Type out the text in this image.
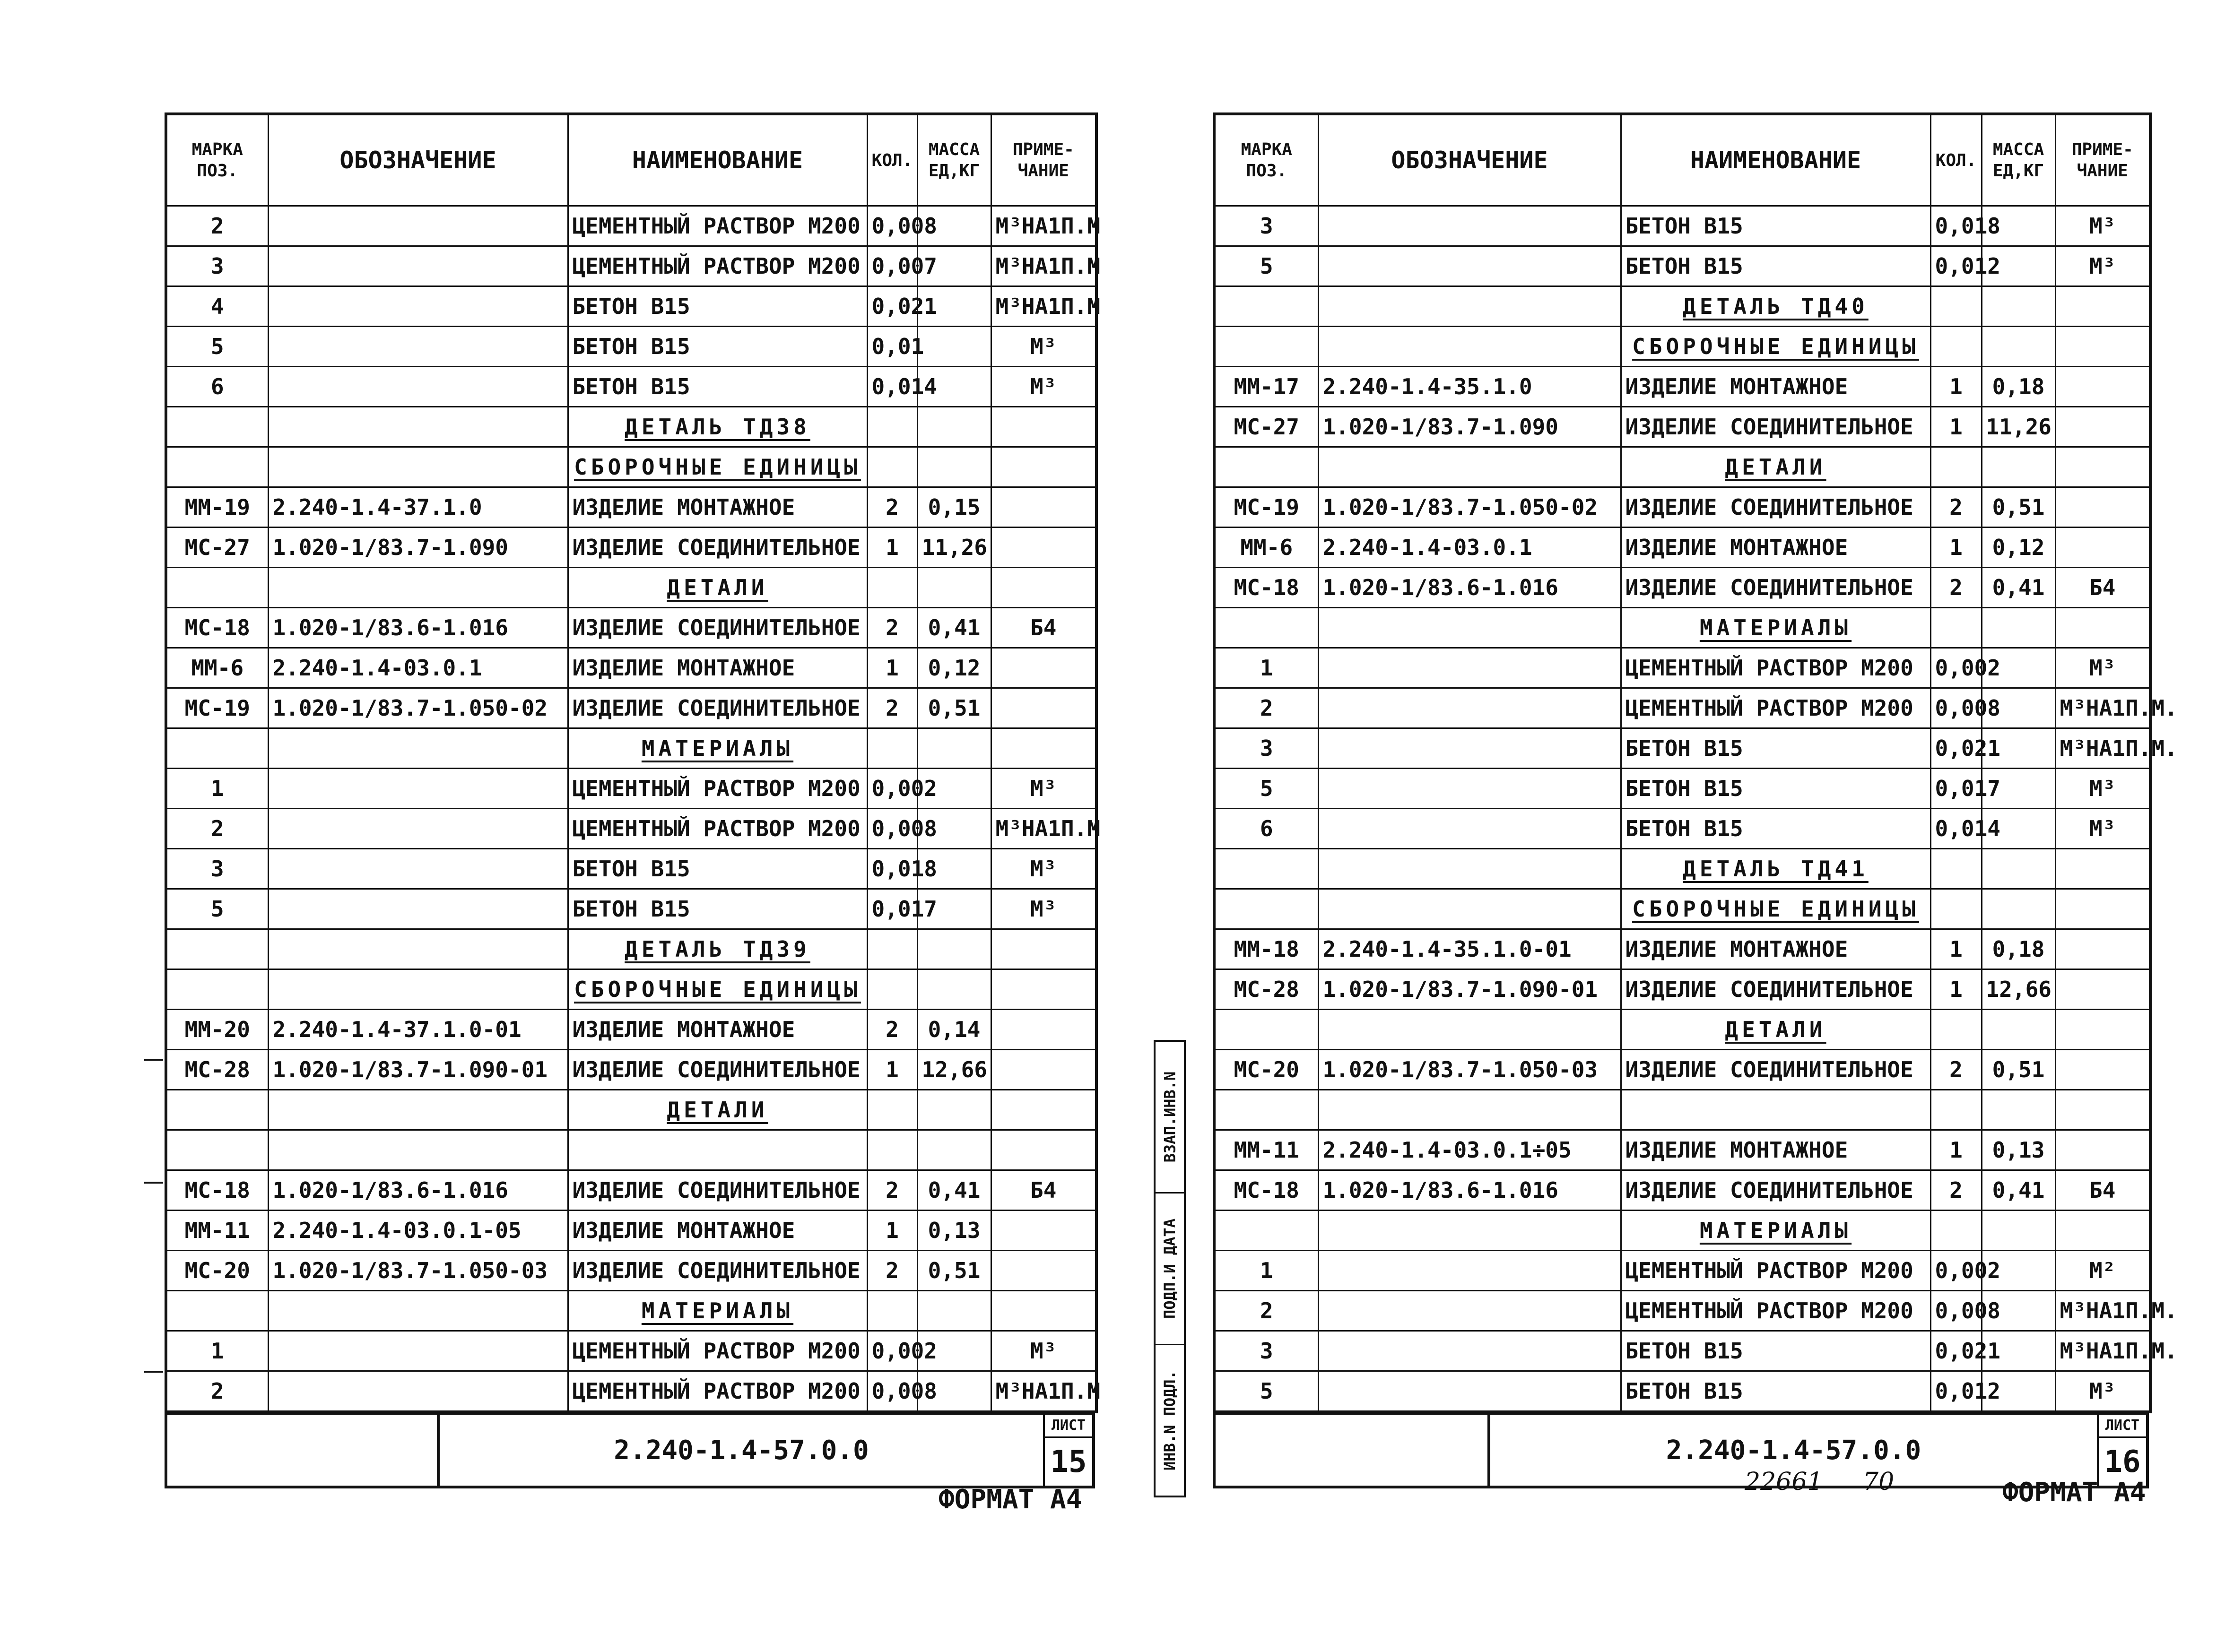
МАРКА ПОЗ.	ОБОЗНАЧЕНИЕ	НАИМЕНОВАНИЕ	КОЛ.	МАССА ЕД,КГ	ПРИМЕ-ЧАНИЕ
2		ЦЕМЕНТНЫЙ РАСТВОР М200	0,008		М³НА1П.М
3		ЦЕМЕНТНЫЙ РАСТВОР М200	0,007		М³НА1П.М
4		БЕТОН В15	0,021		М³НА1П.М
5		БЕТОН В15	0,01		М³
6		БЕТОН В15	0,014		М³
		ДЕТАЛЬ ТД38			
		СБОРОЧНЫЕ ЕДИНИЦЫ			
ММ-19	2.240-1.4-37.1.0	ИЗДЕЛИЕ МОНТАЖНОЕ	2	0,15	
МС-27	1.020-1/83.7-1.090	ИЗДЕЛИЕ СОЕДИНИТЕЛЬНОЕ	1	11,26	
		ДЕТАЛИ			
МС-18	1.020-1/83.6-1.016	ИЗДЕЛИЕ СОЕДИНИТЕЛЬНОЕ	2	0,41	Б4
ММ-6	2.240-1.4-03.0.1	ИЗДЕЛИЕ МОНТАЖНОЕ	1	0,12	
МС-19	1.020-1/83.7-1.050-02	ИЗДЕЛИЕ СОЕДИНИТЕЛЬНОЕ	2	0,51	
		МАТЕРИАЛЫ			
1		ЦЕМЕНТНЫЙ РАСТВОР М200	0,002		М³
2		ЦЕМЕНТНЫЙ РАСТВОР М200	0,008		М³НА1П.М
3		БЕТОН В15	0,018		М³
5		БЕТОН В15	0,017		М³
		ДЕТАЛЬ ТД39			
		СБОРОЧНЫЕ ЕДИНИЦЫ			
ММ-20	2.240-1.4-37.1.0-01	ИЗДЕЛИЕ МОНТАЖНОЕ	2	0,14	
МС-28	1.020-1/83.7-1.090-01	ИЗДЕЛИЕ СОЕДИНИТЕЛЬНОЕ	1	12,66	
		ДЕТАЛИ			

МС-18	1.020-1/83.6-1.016	ИЗДЕЛИЕ СОЕДИНИТЕЛЬНОЕ	2	0,41	Б4
ММ-11	2.240-1.4-03.0.1-05	ИЗДЕЛИЕ МОНТАЖНОЕ	1	0,13	
МС-20	1.020-1/83.7-1.050-03	ИЗДЕЛИЕ СОЕДИНИТЕЛЬНОЕ	2	0,51	
		МАТЕРИАЛЫ			
1		ЦЕМЕНТНЫЙ РАСТВОР М200	0,002		М³
2		ЦЕМЕНТНЫЙ РАСТВОР М200	0,008		М³НА1П.М
2.240-1.4-57.0.0
ЛИСТ
15
ФОРМАТ А4
ВЗАП.ИНВ.N
ПОДП.И ДАТА
ИНВ.N ПОДЛ.
МАРКА ПОЗ.	ОБОЗНАЧЕНИЕ	НАИМЕНОВАНИЕ	КОЛ.	МАССА ЕД,КГ	ПРИМЕ-ЧАНИЕ
3		БЕТОН В15	0,018		М³
5		БЕТОН В15	0,012		М³
		ДЕТАЛЬ ТД40			
		СБОРОЧНЫЕ ЕДИНИЦЫ			
ММ-17	2.240-1.4-35.1.0	ИЗДЕЛИЕ МОНТАЖНОЕ	1	0,18	
МС-27	1.020-1/83.7-1.090	ИЗДЕЛИЕ СОЕДИНИТЕЛЬНОЕ	1	11,26	
		ДЕТАЛИ			
МС-19	1.020-1/83.7-1.050-02	ИЗДЕЛИЕ СОЕДИНИТЕЛЬНОЕ	2	0,51	
ММ-6	2.240-1.4-03.0.1	ИЗДЕЛИЕ МОНТАЖНОЕ	1	0,12	
МС-18	1.020-1/83.6-1.016	ИЗДЕЛИЕ СОЕДИНИТЕЛЬНОЕ	2	0,41	Б4
		МАТЕРИАЛЫ			
1		ЦЕМЕНТНЫЙ РАСТВОР М200	0,002		М³
2		ЦЕМЕНТНЫЙ РАСТВОР М200	0,008		М³НА1П.М.
3		БЕТОН В15	0,021		М³НА1П.М.
5		БЕТОН В15	0,017		М³
6		БЕТОН В15	0,014		М³
		ДЕТАЛЬ ТД41			
		СБОРОЧНЫЕ ЕДИНИЦЫ			
ММ-18	2.240-1.4-35.1.0-01	ИЗДЕЛИЕ МОНТАЖНОЕ	1	0,18	
МС-28	1.020-1/83.7-1.090-01	ИЗДЕЛИЕ СОЕДИНИТЕЛЬНОЕ	1	12,66	
		ДЕТАЛИ			
МС-20	1.020-1/83.7-1.050-03	ИЗДЕЛИЕ СОЕДИНИТЕЛЬНОЕ	2	0,51	

ММ-11	2.240-1.4-03.0.1÷05	ИЗДЕЛИЕ МОНТАЖНОЕ	1	0,13	
МС-18	1.020-1/83.6-1.016	ИЗДЕЛИЕ СОЕДИНИТЕЛЬНОЕ	2	0,41	Б4
		МАТЕРИАЛЫ			
1		ЦЕМЕНТНЫЙ РАСТВОР М200	0,002		М²
2		ЦЕМЕНТНЫЙ РАСТВОР М200	0,008		М³НА1П.М.
3		БЕТОН В15	0,021		М³НА1П.М.
5		БЕТОН В15	0,012		М³
2.240-1.4-57.0.0
ЛИСТ
16
22661 70	ФОРМАТ А4
